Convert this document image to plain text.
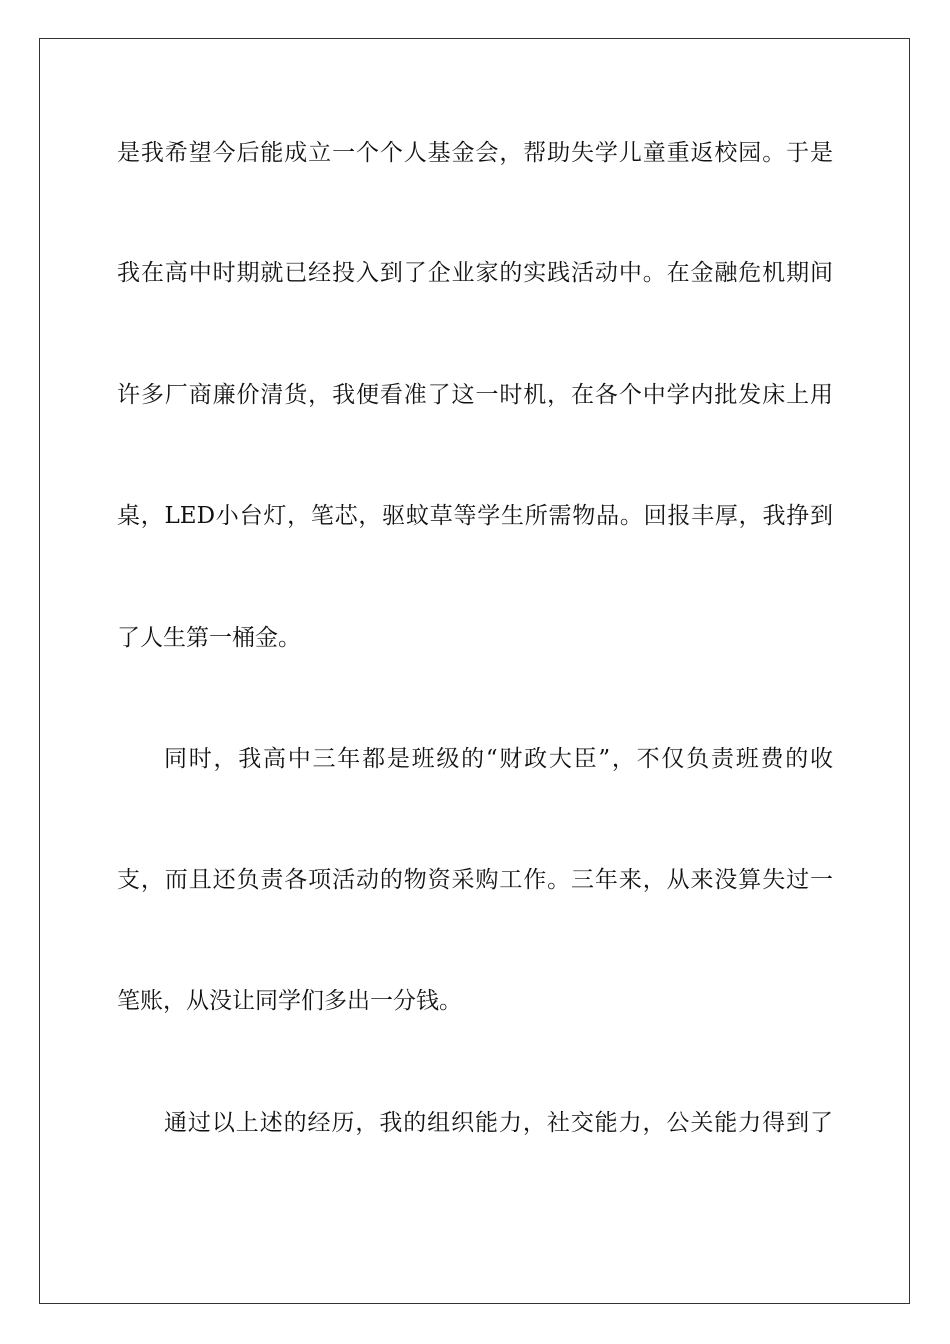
是我希望今后能成立一个个人基金会，帮助失学儿童重返校园。于是
我在高中时期就已经投入到了企业家的实践活动中。在金融危机期间
许多厂商廉价清货，我便看准了这一时机，在各个中学内批发床上用
桌，LED小台灯，笔芯，驱蚊草等学生所需物品。回报丰厚，我挣到
了人生第一桶金。
同时，我高中三年都是班级的“财政大臣”，不仅负责班费的收
支，而且还负责各项活动的物资采购工作。三年来，从来没算失过一
笔账，从没让同学们多出一分钱。
通过以上述的经历，我的组织能力，社交能力，公关能力得到了
